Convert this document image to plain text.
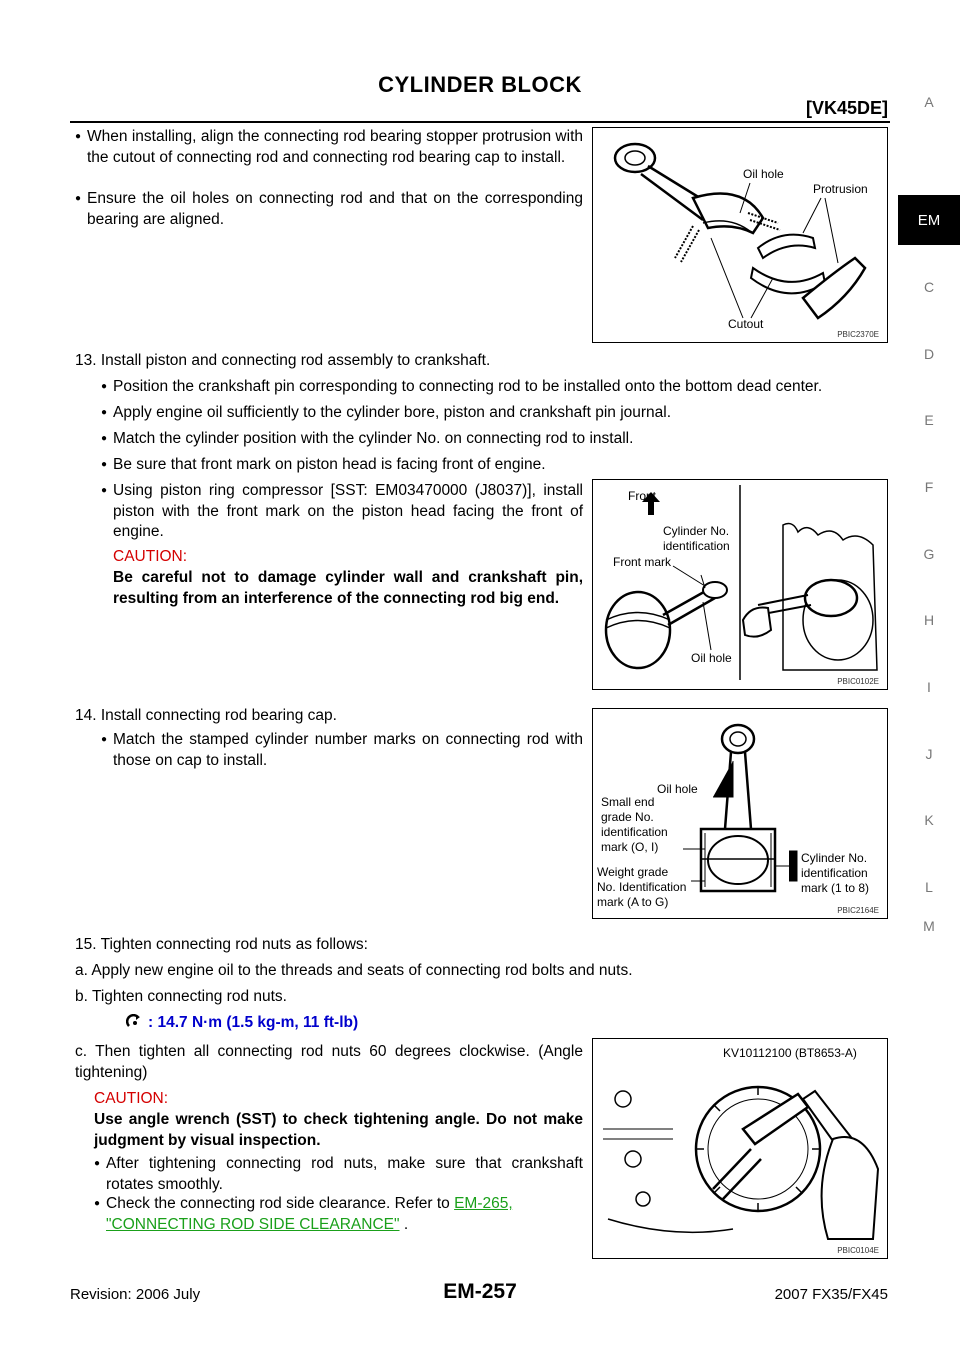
CYLINDER BLOCK
[VK45DE]	A
EM
C
D
E
F
G
H
I
J
K
L
M
● When installing, align the connecting rod bearing stopper protrusion with the cutout of connecting rod and connecting rod bearing cap to install.
● Ensure the oil holes on connecting rod and that on the corresponding bearing are aligned.
Oil hole
Protrusion
Cutout
PBIC2370E
13. Install piston and connecting rod assembly to crankshaft.
● Position the crankshaft pin corresponding to connecting rod to be installed onto the bottom dead center.
● Apply engine oil sufficiently to the cylinder bore, piston and crankshaft pin journal.
● Match the cylinder position with the cylinder No. on connecting rod to install.
● Be sure that front mark on piston head is facing front of engine.
● Using piston ring compressor [SST: EM03470000 (J8037)], install piston with the front mark on the piston head facing the front of engine.
CAUTION:
Be careful not to damage cylinder wall and crankshaft pin, resulting from an interference of the connecting rod big end.
Front
Cylinder No.
identification
Front mark
Oil hole
PBIC0102E
14. Install connecting rod bearing cap.
● Match the stamped cylinder number marks on connecting rod with those on cap to install.
Oil hole
Small end
grade No.
identification
mark (O, I)
Weight grade
No. Identification
mark (A to G)
Cylinder No.
identification
mark (1 to 8)
PBIC2164E
15. Tighten connecting rod nuts as follows:
a. Apply new engine oil to the threads and seats of connecting rod bolts and nuts.
b. Tighten connecting rod nuts.
: 14.7 N·m (1.5 kg-m, 11 ft-lb)
c. Then tighten all connecting rod nuts 60 degrees clockwise. (Angle tightening)
CAUTION:
Use angle wrench (SST) to check tightening angle. Do not make judgment by visual inspection.
● After tightening connecting rod nuts, make sure that crankshaft rotates smoothly.
● Check the connecting rod side clearance. Refer to EM-265,
"CONNECTING ROD SIDE CLEARANCE" .
KV10112100 (BT8653-A)
PBIC0104E
Revision: 2006 July	EM-257	2007 FX35/FX45
